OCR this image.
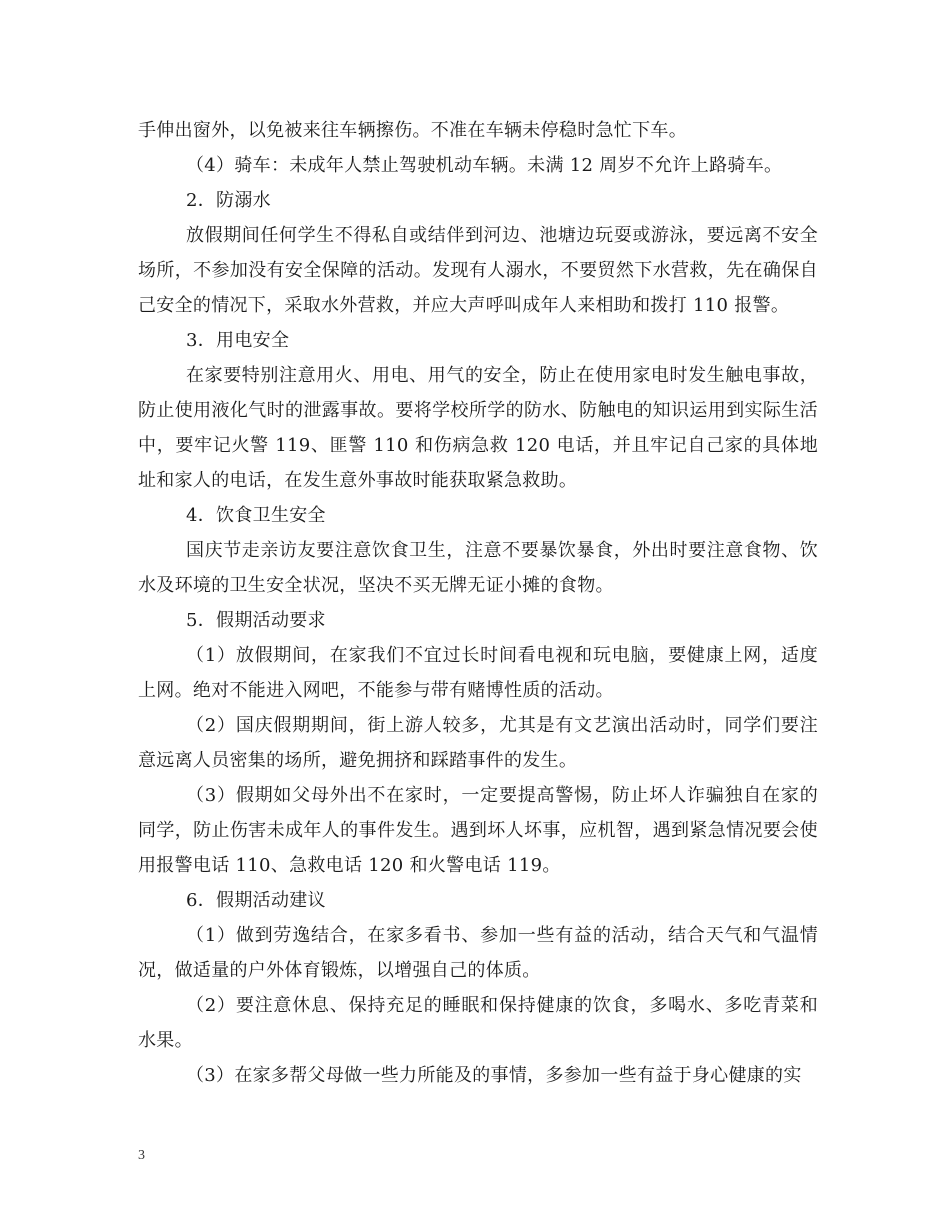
手伸出窗外，以免被来往车辆擦伤。不准在车辆未停稳时急忙下车。

（4）骑车：未成年人禁止驾驶机动车辆。未满 12 周岁不允许上路骑车。

2．防溺水

放假期间任何学生不得私自或结伴到河边、池塘边玩耍或游泳，要远离不安全场所，不参加没有安全保障的活动。发现有人溺水，不要贸然下水营救，先在确保自己安全的情况下，采取水外营救，并应大声呼叫成年人来相助和拨打 110 报警。

3．用电安全

在家要特别注意用火、用电、用气的安全，防止在使用家电时发生触电事故，防止使用液化气时的泄露事故。要将学校所学的防水、防触电的知识运用到实际生活中，要牢记火警 119、匪警 110 和伤病急救 120 电话，并且牢记自己家的具体地址和家人的电话，在发生意外事故时能获取紧急救助。

4．饮食卫生安全

国庆节走亲访友要注意饮食卫生，注意不要暴饮暴食，外出时要注意食物、饮水及环境的卫生安全状况，坚决不买无牌无证小摊的食物。

5．假期活动要求

（1）放假期间，在家我们不宜过长时间看电视和玩电脑，要健康上网，适度上网。绝对不能进入网吧，不能参与带有赌博性质的活动。

（2）国庆假期期间，街上游人较多，尤其是有文艺演出活动时，同学们要注意远离人员密集的场所，避免拥挤和踩踏事件的发生。

（3）假期如父母外出不在家时，一定要提高警惕，防止坏人诈骗独自在家的同学，防止伤害未成年人的事件发生。遇到坏人坏事，应机智，遇到紧急情况要会使用报警电话 110、急救电话 120 和火警电话 119。

6．假期活动建议

（1）做到劳逸结合，在家多看书、参加一些有益的活动，结合天气和气温情况，做适量的户外体育锻炼，以增强自己的体质。

（2）要注意休息、保持充足的睡眠和保持健康的饮食，多喝水、多吃青菜和水果。

（3）在家多帮父母做一些力所能及的事情，多参加一些有益于身心健康的实

3
